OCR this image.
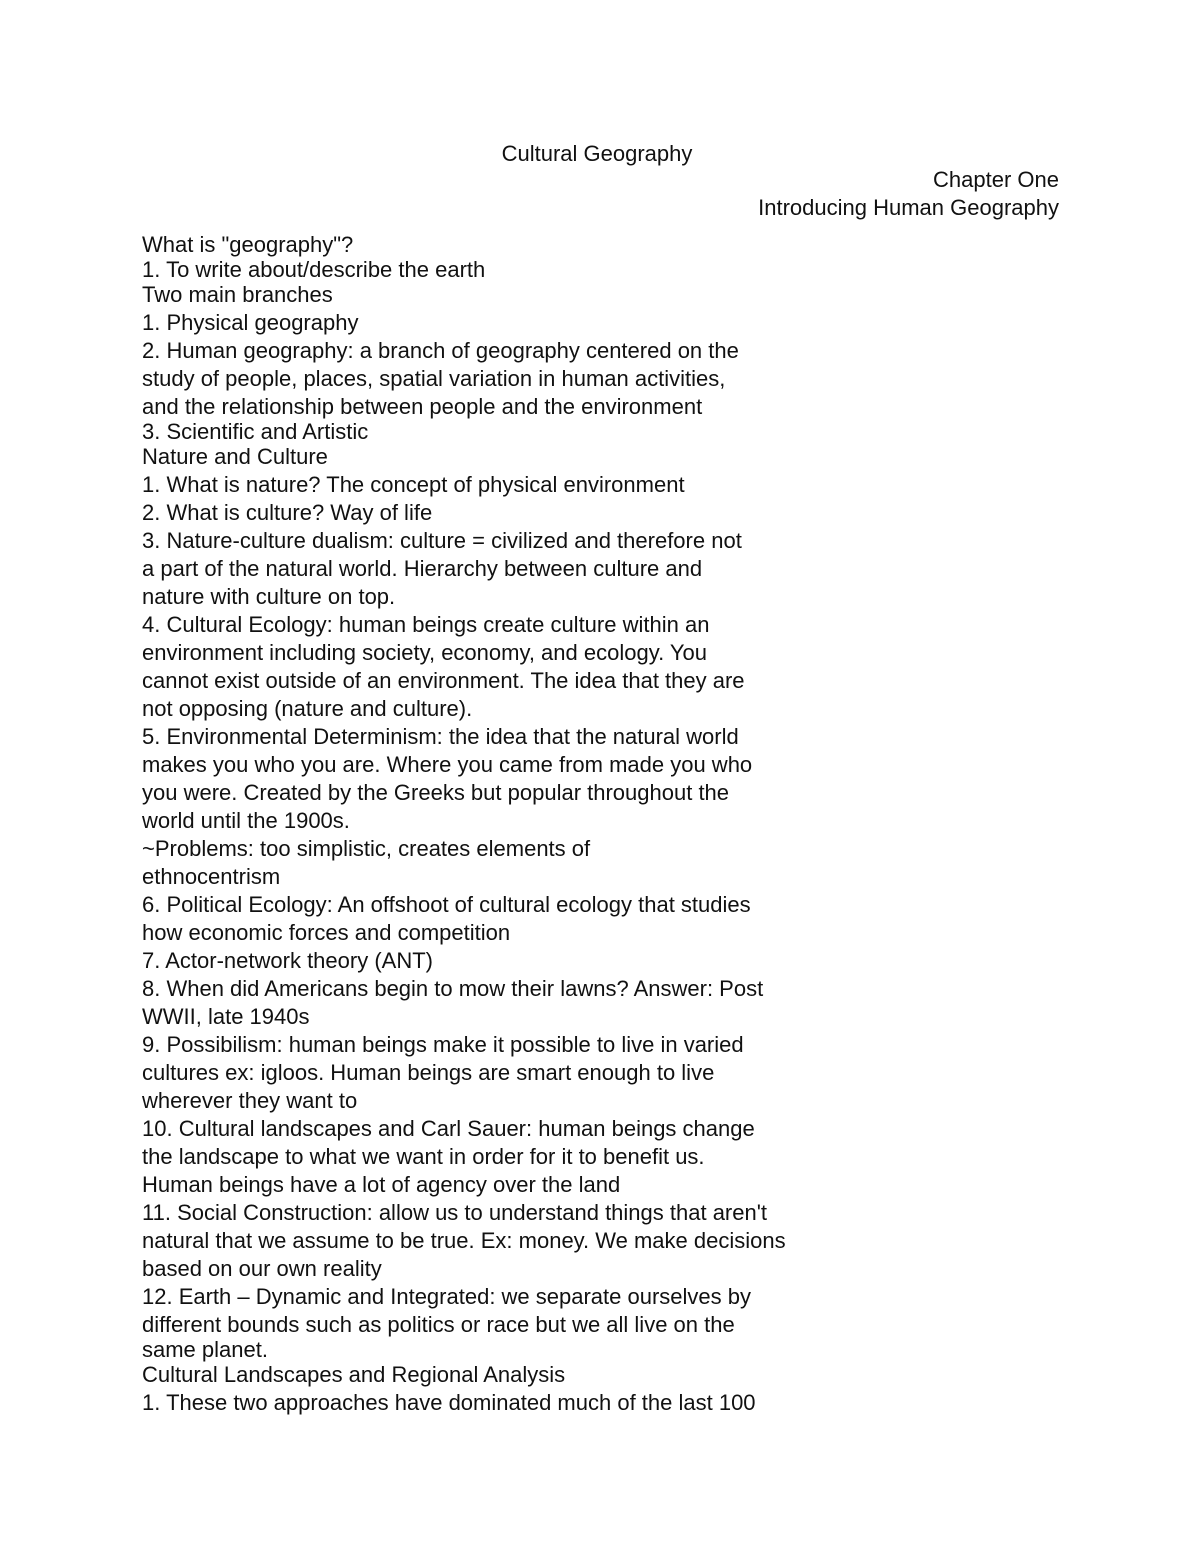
Cultural Geography
Chapter One
Introducing Human Geography
What is "geography"?
1. To write about/describe the earth
Two main branches
1. Physical geography
2. Human geography: a branch of geography centered on the
study of people, places, spatial variation in human activities,
and the relationship between people and the environment
3. Scientific and Artistic
Nature and Culture
1. What is nature? The concept of physical environment
2. What is culture? Way of life
3. Nature-culture dualism: culture = civilized and therefore not
a part of the natural world. Hierarchy between culture and
nature with culture on top.
4. Cultural Ecology: human beings create culture within an
environment including society, economy, and ecology. You
cannot exist outside of an environment. The idea that they are
not opposing (nature and culture).
5. Environmental Determinism: the idea that the natural world
makes you who you are. Where you came from made you who
you were. Created by the Greeks but popular throughout the
world until the 1900s.
~Problems: too simplistic, creates elements of
ethnocentrism
6. Political Ecology: An offshoot of cultural ecology that studies
how economic forces and competition
7. Actor-network theory (ANT)
8. When did Americans begin to mow their lawns? Answer: Post
WWII, late 1940s
9. Possibilism: human beings make it possible to live in varied
cultures ex: igloos. Human beings are smart enough to live
wherever they want to
10. Cultural landscapes and Carl Sauer: human beings change
the landscape to what we want in order for it to benefit us.
Human beings have a lot of agency over the land
11. Social Construction: allow us to understand things that aren't
natural that we assume to be true. Ex: money. We make decisions
based on our own reality
12. Earth – Dynamic and Integrated: we separate ourselves by
different bounds such as politics or race but we all live on the
same planet.
Cultural Landscapes and Regional Analysis
1. These two approaches have dominated much of the last 100
